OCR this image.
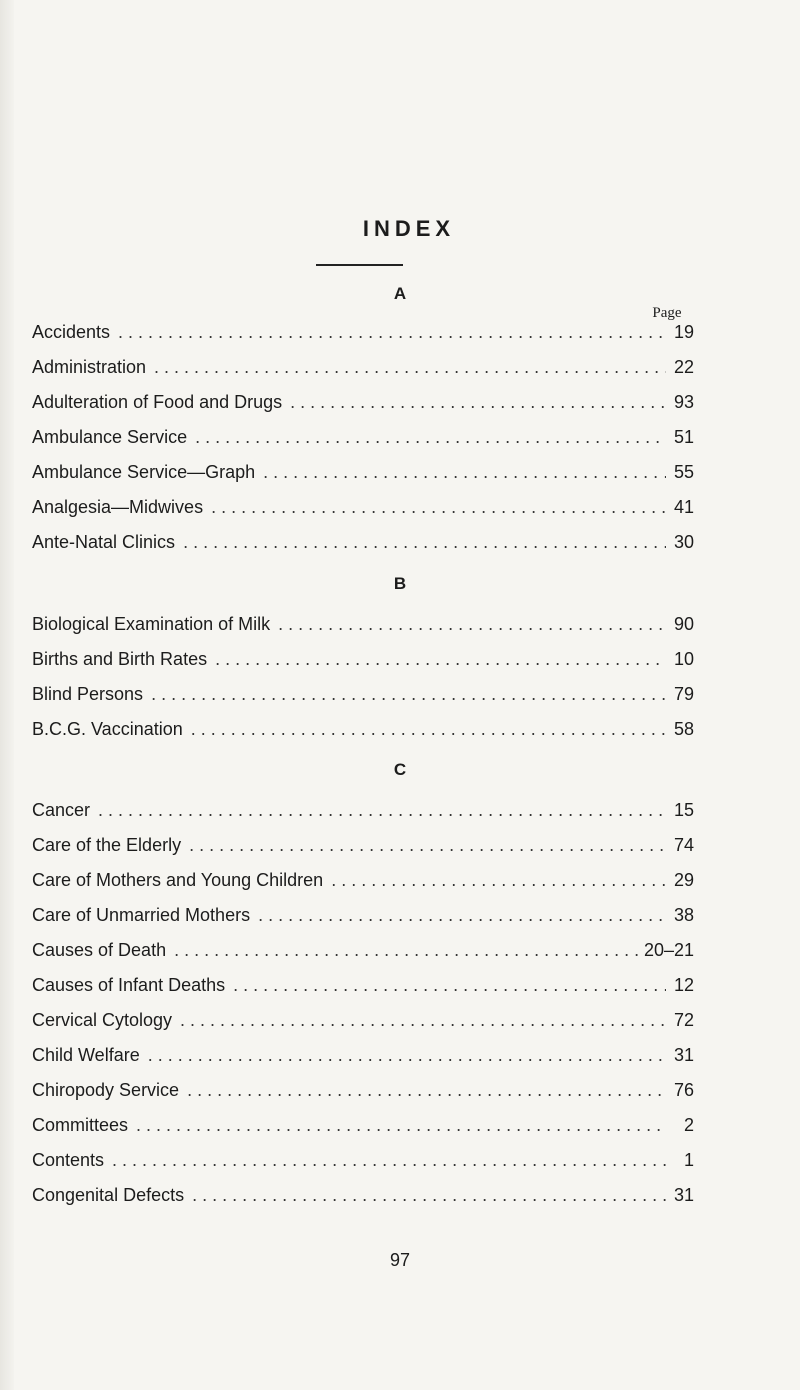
INDEX
A
Page
Accidents . . .	19
Administration . . .	22
Adulteration of Food and Drugs . . .	93
Ambulance Service . . .	51
Ambulance Service—Graph . . .	55
Analgesia—Midwives . . .	41
Ante-Natal Clinics . . .	30
B
Biological Examination of Milk . . .	90
Births and Birth Rates . . .	10
Blind Persons . . .	79
B.C.G. Vaccination . . .	58
C
Cancer . . .	15
Care of the Elderly . . .	74
Care of Mothers and Young Children . . .	29
Care of Unmarried Mothers . . .	38
Causes of Death . . .	20–21
Causes of Infant Deaths . . .	12
Cervical Cytology . . .	72
Child Welfare . . .	31
Chiropody Service . . .	76
Committees . . .	2
Contents . . .	1
Congenital Defects . . .	31
97
